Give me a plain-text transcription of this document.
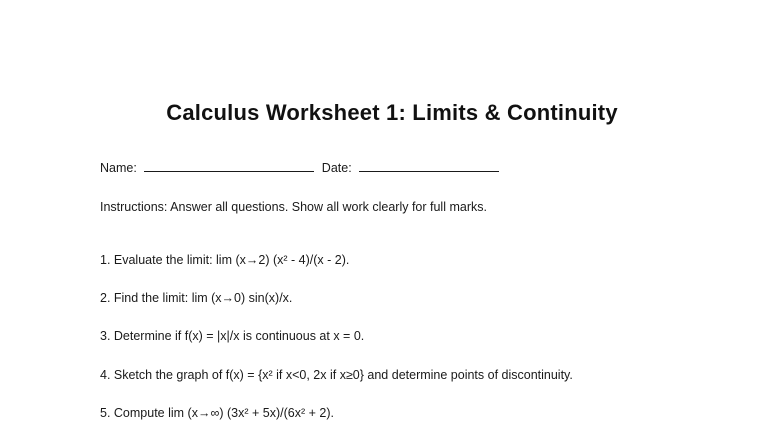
Calculus Worksheet 1: Limits & Continuity
Name:	Date:
Instructions: Answer all questions. Show all work clearly for full marks.
1. Evaluate the limit: lim (x→2) (x² - 4)/(x - 2).
2. Find the limit: lim (x→0) sin(x)/x.
3. Determine if f(x) = |x|/x is continuous at x = 0.
4. Sketch the graph of f(x) = {x² if x<0, 2x if x≥0} and determine points of discontinuity.
5. Compute lim (x→∞) (3x² + 5x)/(6x² + 2).
